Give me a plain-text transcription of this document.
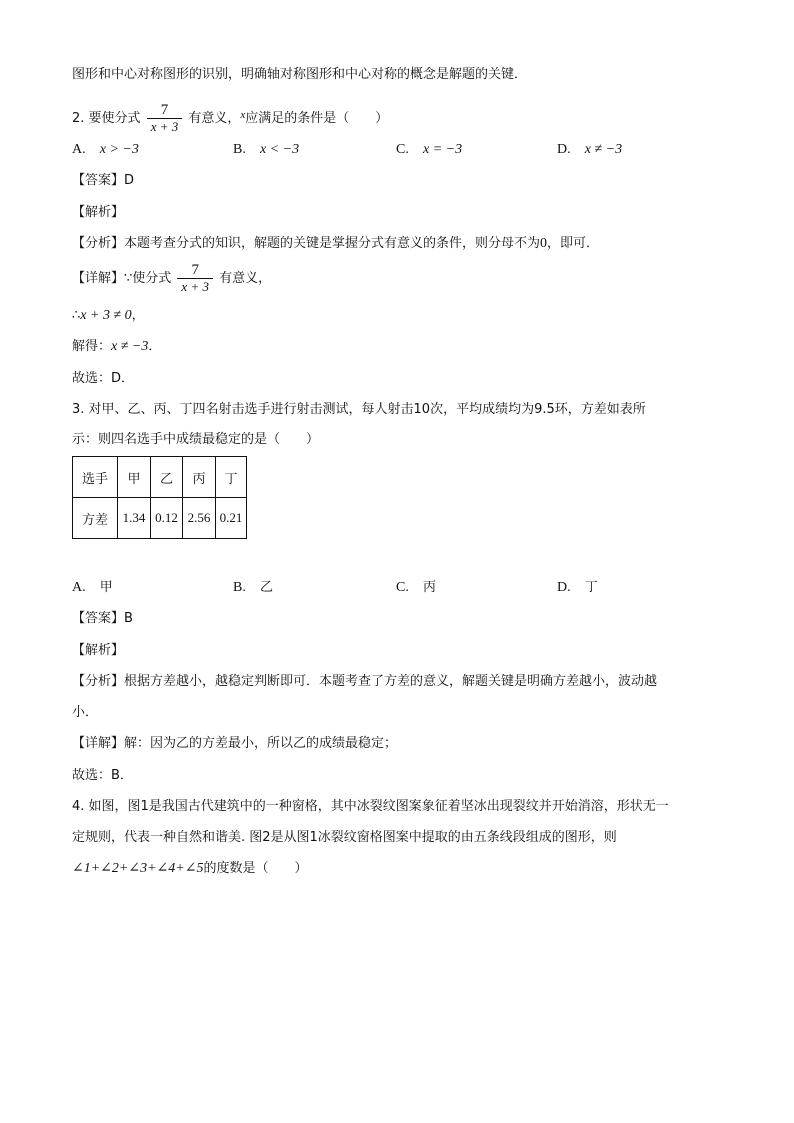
图形和中心对称图形的识别，明确轴对称图形和中心对称的概念是解题的关键．
2. 要使分式 $\frac{7}{x + 3}$ 有意义，$^x$应满足的条件是（　　）
A. x > −3	B. x < −3	C. x = −3	D. x ≠ −3
【答案】D
【解析】
【分析】本题考查分式的知识，解题的关键是掌握分式有意义的条件，则分母不为0，即可．
【详解】∵使分式 $\frac{7}{x + 3}$ 有意义，
∴x + 3 ≠ 0，
解得：x ≠ −3．
故选：D．
3. 对甲、乙、丙、丁四名射击选手进行射击测试，每人射击10次，平均成绩均为9.5环，方差如表所
示：则四名选手中成绩最稳定的是（　　）
选手	甲	乙	丙	丁
方差	1.34	0.12	2.56	0.21
A. 甲	B. 乙	C. 丙	D. 丁
【答案】B
【解析】
【分析】根据方差越小，越稳定判断即可．本题考查了方差的意义，解题关键是明确方差越小，波动越
小．
【详解】解：因为乙的方差最小，所以乙的成绩最稳定；
故选：B．
4. 如图，图1是我国古代建筑中的一种窗格，其中冰裂纹图案象征着坚冰出现裂纹并开始消溶，形状无一
定规则，代表一种自然和谐美. 图2是从图1冰裂纹窗格图案中提取的由五条线段组成的图形，则
∠1+∠2+∠3+∠4+∠5的度数是（　　）
